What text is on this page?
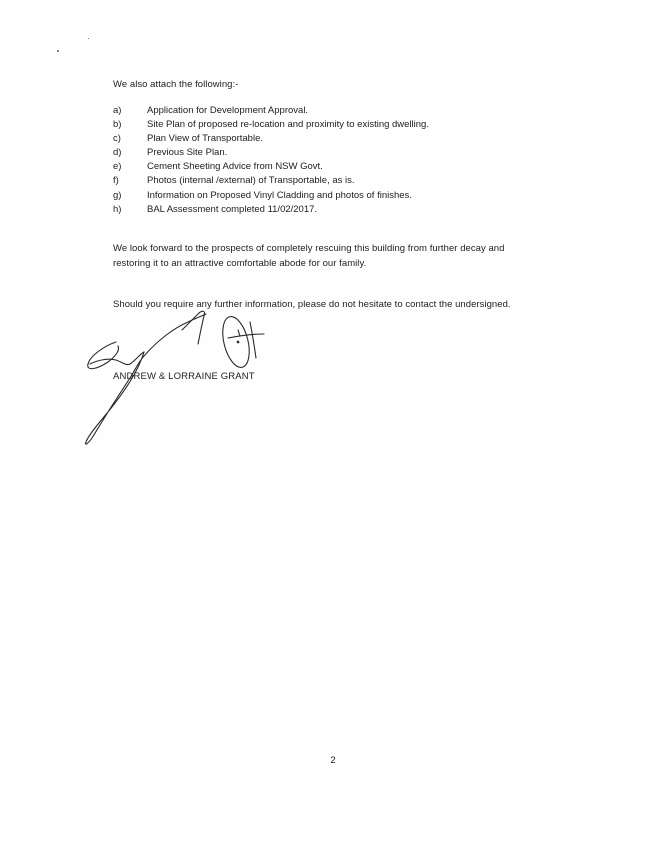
We also attach the following:-

a)	Application for Development Approval.
b)	Site Plan of proposed re-location and proximity to existing dwelling.
c)	Plan View of Transportable.
d)	Previous Site Plan.
e)	Cement Sheeting Advice from NSW Govt.
f)	Photos (internal /external) of Transportable, as is.
g)	Information on Proposed Vinyl Cladding and photos of finishes.
h)	BAL Assessment completed 11/02/2017.

We look forward to the prospects of completely rescuing this building from further decay and restoring it to an attractive comfortable abode for our family.

Should you require any further information, please do not hesitate to contact the undersigned.

ANDREW & LORRAINE GRANT
2
